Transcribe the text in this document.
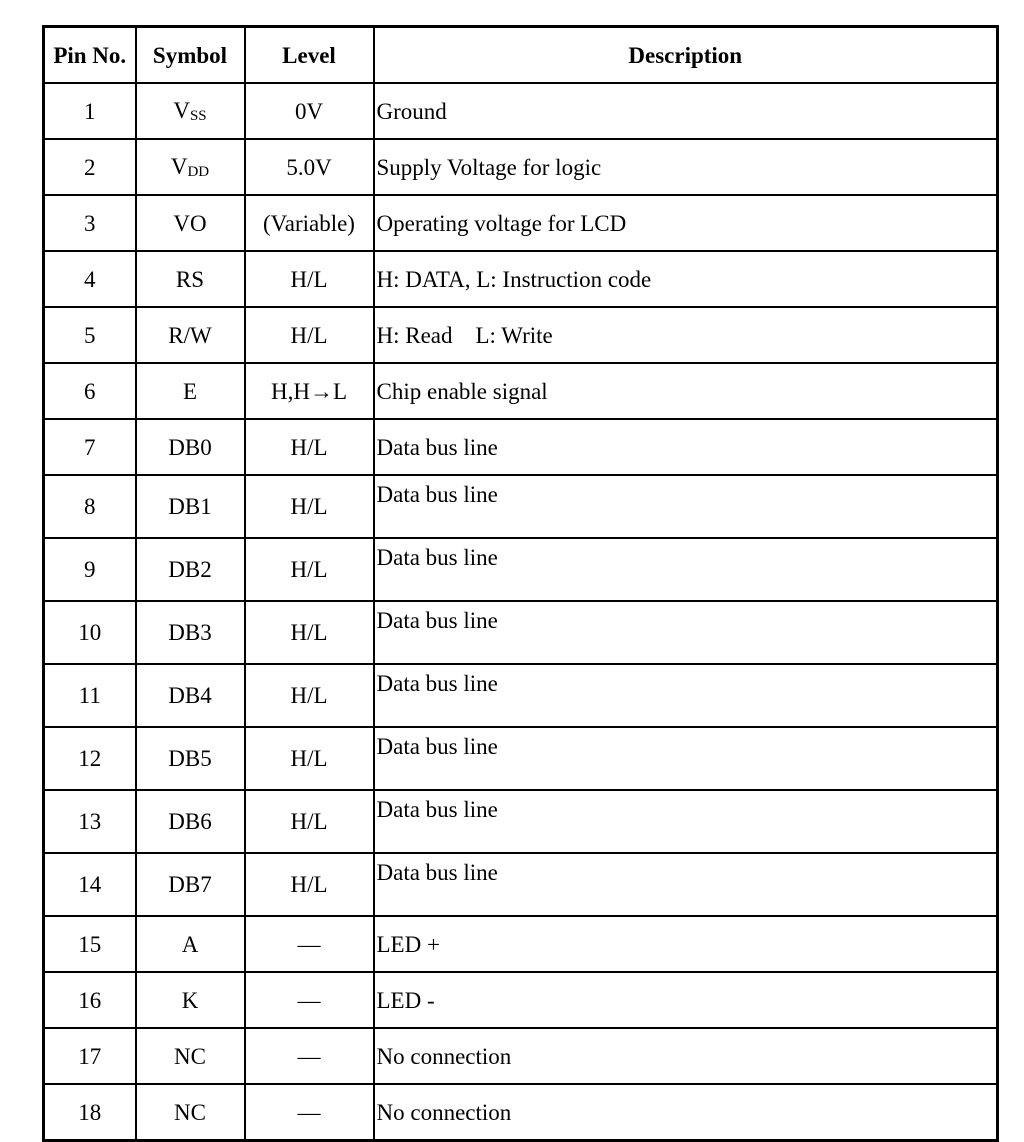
Pin No.	Symbol	Level	Description
1	VSS	0V	Ground
2	VDD	5.0V	Supply Voltage for logic
3	VO	(Variable)	Operating voltage for LCD
4	RS	H/L	H: DATA, L: Instruction code
5	R/W	H/L	H: Read    L: Write
6	E	H,H→L	Chip enable signal
7	DB0	H/L	Data bus line
8	DB1	H/L	Data bus line
9	DB2	H/L	Data bus line
10	DB3	H/L	Data bus line
11	DB4	H/L	Data bus line
12	DB5	H/L	Data bus line
13	DB6	H/L	Data bus line
14	DB7	H/L	Data bus line
15	A	—	LED +
16	K	—	LED -
17	NC	—	No connection
18	NC	—	No connection
